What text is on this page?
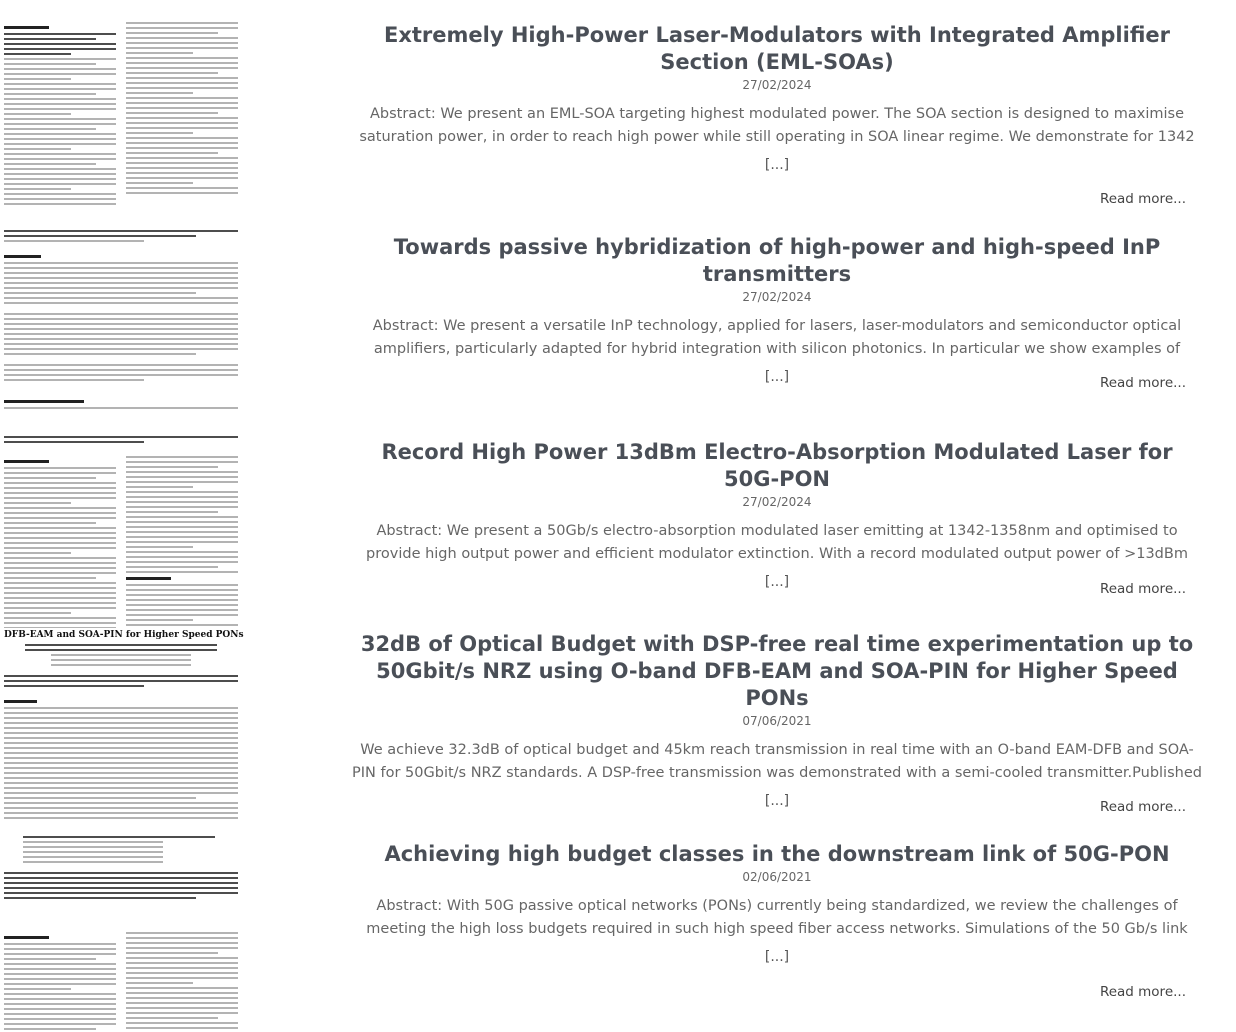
Extremely High-Power Laser-Modulators with Integrated Amplifier Section (EML-SOAs)
27/02/2024
Abstract: We present an EML-SOA targeting highest modulated power. The SOA section is designed to maximise saturation power, in order to reach high power while still operating in SOA linear regime. We demonstrate for 1342
[...]
Read more...
Towards passive hybridization of high-power and high-speed InP transmitters
27/02/2024
Abstract: We present a versatile InP technology, applied for lasers, laser-modulators and semiconductor optical amplifiers, particularly adapted for hybrid integration with silicon photonics. In particular we show examples of
[...]	Read more...
Record High Power 13dBm Electro-Absorption Modulated Laser for 50G-PON
27/02/2024
Abstract: We present a 50Gb/s electro-absorption modulated laser emitting at 1342-1358nm and optimised to provide high output power and efficient modulator extinction. With a record modulated output power of >13dBm
[...]	Read more...
DFB-EAM and SOA-PIN for Higher Speed PONs	32dB of Optical Budget with DSP-free real time experimentation up to 50Gbit/s NRZ using O-band DFB-EAM and SOA-PIN for Higher Speed PONs
07/06/2021
We achieve 32.3dB of optical budget and 45km reach transmission in real time with an O-band EAM-DFB and SOA-PIN for 50Gbit/s NRZ standards. A DSP-free transmission was demonstrated with a semi-cooled transmitter.Published
[...]	Read more...
Achieving high budget classes in the downstream link of 50G-PON
02/06/2021
Abstract: With 50G passive optical networks (PONs) currently being standardized, we review the challenges of meeting the high loss budgets required in such high speed fiber access networks. Simulations of the 50 Gb/s link
[...]
Read more...
